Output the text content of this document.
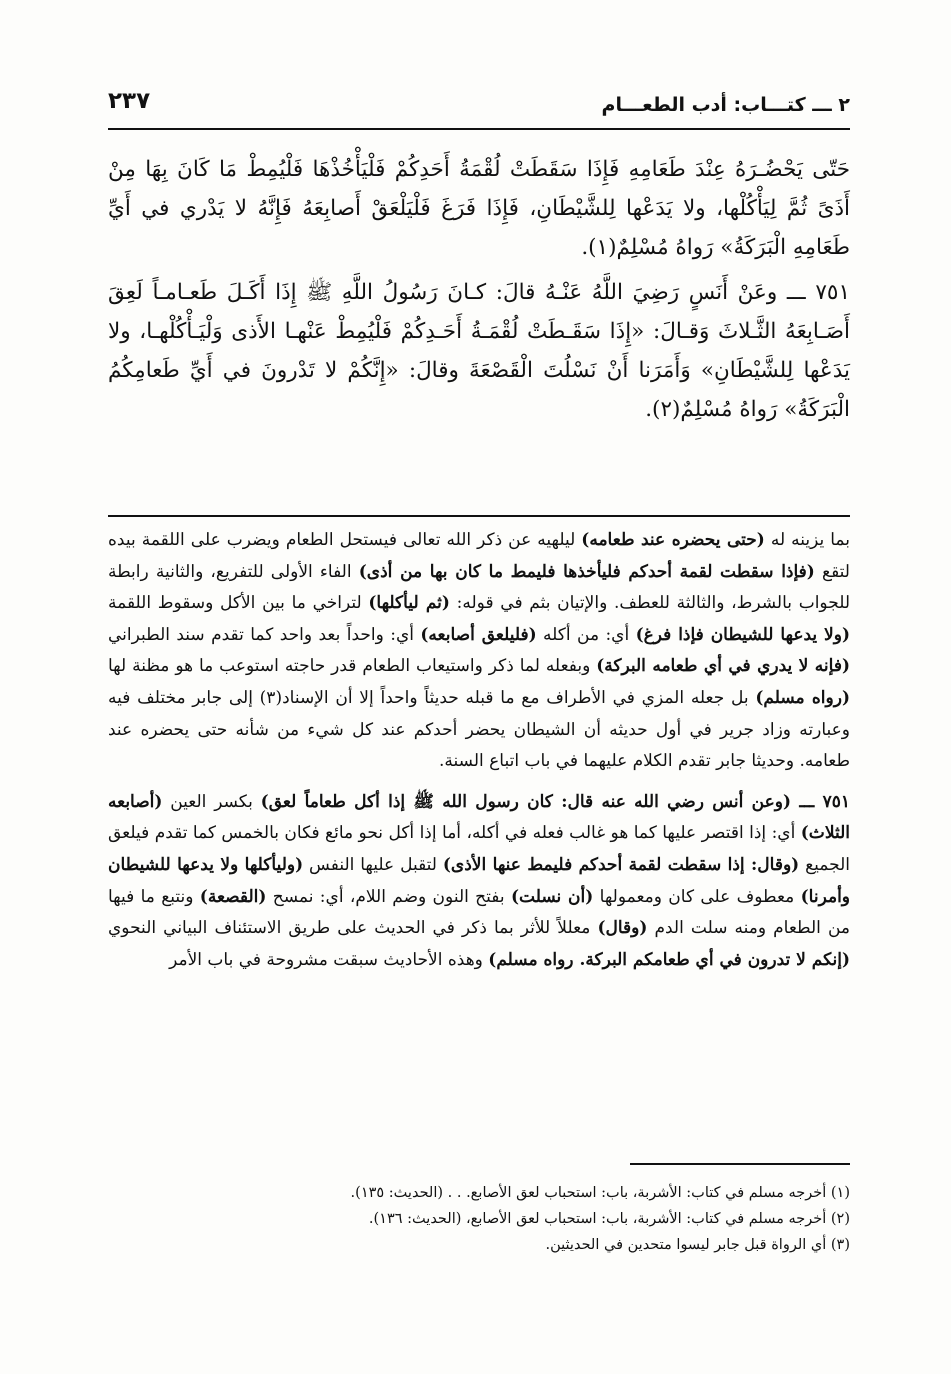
٢ ـــ كتـــاب: أدب الطعـــام
٢٣٧

حَتّى يَحْضُـرَهُ عِنْدَ طَعَامِهِ فَإِذَا سَقَطَتْ لُقْمَةُ أَحَدِكُمْ فَلْيَأْخُذْهَا فَلْيُمِطْ مَا كَانَ بِهَا مِنْ أَذَىً ثُمَّ لِيَأْكُلْها، ولا يَدَعْها لِلشَّيْطَانِ، فَإِذَا فَرَغَ فَلْيَلْعَقْ أَصابِعَهُ فَإِنَّهُ لا يَدْري في أَيِّ طَعَامِهِ الْبَرَكَةُ» رَواهُ مُسْلِمٌ(١).

٧٥١ ـــ وعَنْ أَنَسٍ رَضِيَ اللَّهُ عَنْـهُ قالَ: كـانَ رَسُولُ اللَّهِ ﷺ إِذَا أَكَـلَ طَعـامـاً لَعِقَ أَصَـابِعَهُ الثَّـلاثَ وَقـالَ: «إِذَا سَقَـطَتْ لُقْمَـةُ أَحَـدِكُمْ فَلْيُمِطْ عَنْهـا الأَذى وَلْيَـأْكُلْهـا، ولا يَدَعْها لِلشَّيْطَانِ» وَأَمَرَنا أَنْ نَسْلُتَ الْقَصْعَةَ وقالَ: «إِنَّكُمْ لا تَدْرونَ في أَيِّ طَعامِكُمُ الْبَرَكَةُ» رَواهُ مُسْلِمٌ(٢).

بما يزينه له (حتى يحضره عند طعامه) ليلهيه عن ذكر الله تعالى فيستحل الطعام ويضرب على اللقمة بيده لتقع (فإذا سقطت لقمة أحدكم فليأخذها فليمط ما كان بها من أذى) الفاء الأولى للتفريع، والثانية رابطة للجواب بالشرط، والثالثة للعطف. والإتيان بثم في قوله: (ثم ليأكلها) لتراخي ما بين الأكل وسقوط اللقمة (ولا يدعها للشيطان فإذا فرغ) أي: من أكله (فليلعق أصابعه) أي: واحداً بعد واحد كما تقدم سند الطبراني (فإنه لا يدري في أي طعامه البركة) وبفعله لما ذكر واستيعاب الطعام قدر حاجته استوعب ما هو مظنة لها (رواه مسلم) بل جعله المزي في الأطراف مع ما قبله حديثاً واحداً إلا أن الإسناد(٣) إلى جابر مختلف فيه وعبارته وزاد جرير في أول حديثه أن الشيطان يحضر أحدكم عند كل شيء من شأنه حتى يحضره عند طعامه. وحديثا جابر تقدم الكلام عليهما في باب اتباع السنة.

٧٥١ ـــ (وعن أنس رضي الله عنه قال: كان رسول الله ﷺ إذا أكل طعاماً لعق) بكسر العين (أصابعه الثلاث) أي: إذا اقتصر عليها كما هو غالب فعله في أكله، أما إذا أكل نحو مائع فكان بالخمس كما تقدم فيلعق الجميع (وقال: إذا سقطت لقمة أحدكم فليمط عنها الأذى) لتقبل عليها النفس (وليأكلها ولا يدعها للشيطان وأمرنا) معطوف على كان ومعمولها (أن نسلت) بفتح النون وضم اللام، أي: نمسح (القصعة) ونتبع ما فيها من الطعام ومنه سلت الدم (وقال) معللاً للأثر بما ذكر في الحديث على طريق الاستئناف البياني النحوي (إنكم لا تدرون في أي طعامكم البركة. رواه مسلم) وهذه الأحاديث سبقت مشروحة في باب الأمر

(١) أخرجه مسلم في كتاب: الأشربة، باب: استحباب لعق الأصابع. . . (الحديث: ١٣٥).
(٢) أخرجه مسلم في كتاب: الأشربة، باب: استحباب لعق الأصابع، (الحديث: ١٣٦).
(٣) أي الرواة قبل جابر ليسوا متحدين في الحديثين.
